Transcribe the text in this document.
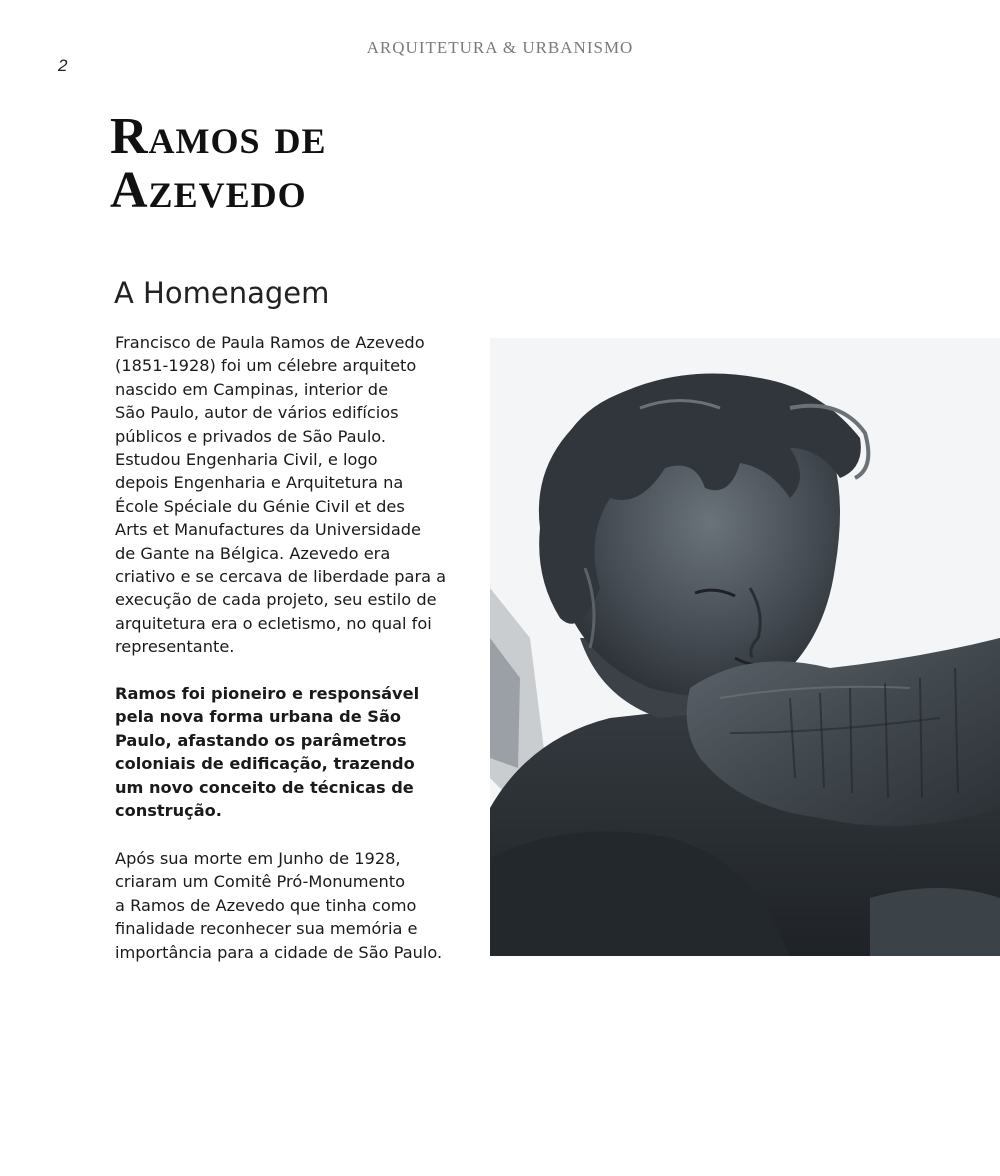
ARQUITETURA & URBANISMO
2
Ramos de
Azevedo
A Homenagem
Francisco de Paula Ramos de Azevedo
(1851-1928) foi um célebre arquiteto
nascido em Campinas, interior de
São Paulo, autor de vários edifícios
públicos e privados de São Paulo.
Estudou Engenharia Civil, e logo
depois Engenharia e Arquitetura na
École Spéciale du Génie Civil et des
Arts et Manufactures da Universidade
de Gante na Bélgica. Azevedo era
criativo e se cercava de liberdade para a
execução de cada projeto, seu estilo de
arquitetura era o ecletismo, no qual foi
representante.
Ramos foi pioneiro e responsável
pela nova forma urbana de São
Paulo, afastando os parâmetros
coloniais de edificação, trazendo
um novo conceito de técnicas de
construção.
Após sua morte em Junho de 1928,
criaram um Comitê Pró-Monumento
a Ramos de Azevedo que tinha como
finalidade reconhecer sua memória e
importância para a cidade de São Paulo.
